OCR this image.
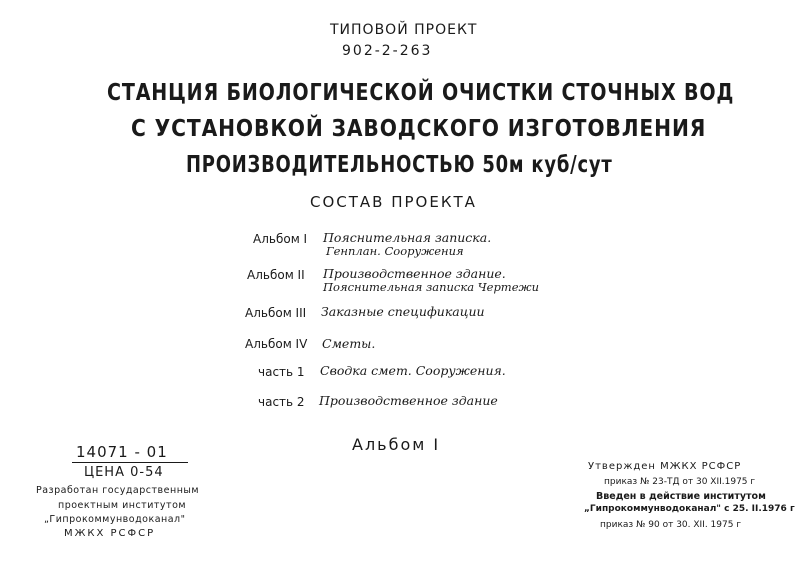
ТИПОВОЙ ПРОЕКТ
902-2-263
СТАНЦИЯ БИОЛОГИЧЕСКОЙ ОЧИСТКИ СТОЧНЫХ ВОД
С УСТАНОВКОЙ ЗАВОДСКОГО ИЗГОТОВЛЕНИЯ
ПРОИЗВОДИТЕЛЬНОСТЬЮ 50м куб/сут
СОСТАВ ПРОЕКТА
Альбом I Пояснительная записка.
Генплан. Сооружения
Альбом II Производственное здание.
Пояснительная записка Чертежи
Альбом III Заказные спецификации
Альбом IV Сметы.
часть 1 Сводка смет. Сооружения.
часть 2 Производственное здание
Альбом I
14071 - 01
ЦЕНА 0-54
Разработан государственным
проектным институтом
„Гипрокоммунводоканал"
МЖКХ РСФСР
Утвержден МЖКХ РСФСР
приказ № 23-ТД от 30 XII.1975 г
Введен в действие институтом
„Гипрокоммунводоканал" с 25. II.1976 г
приказ № 90 от 30. XII. 1975 г
